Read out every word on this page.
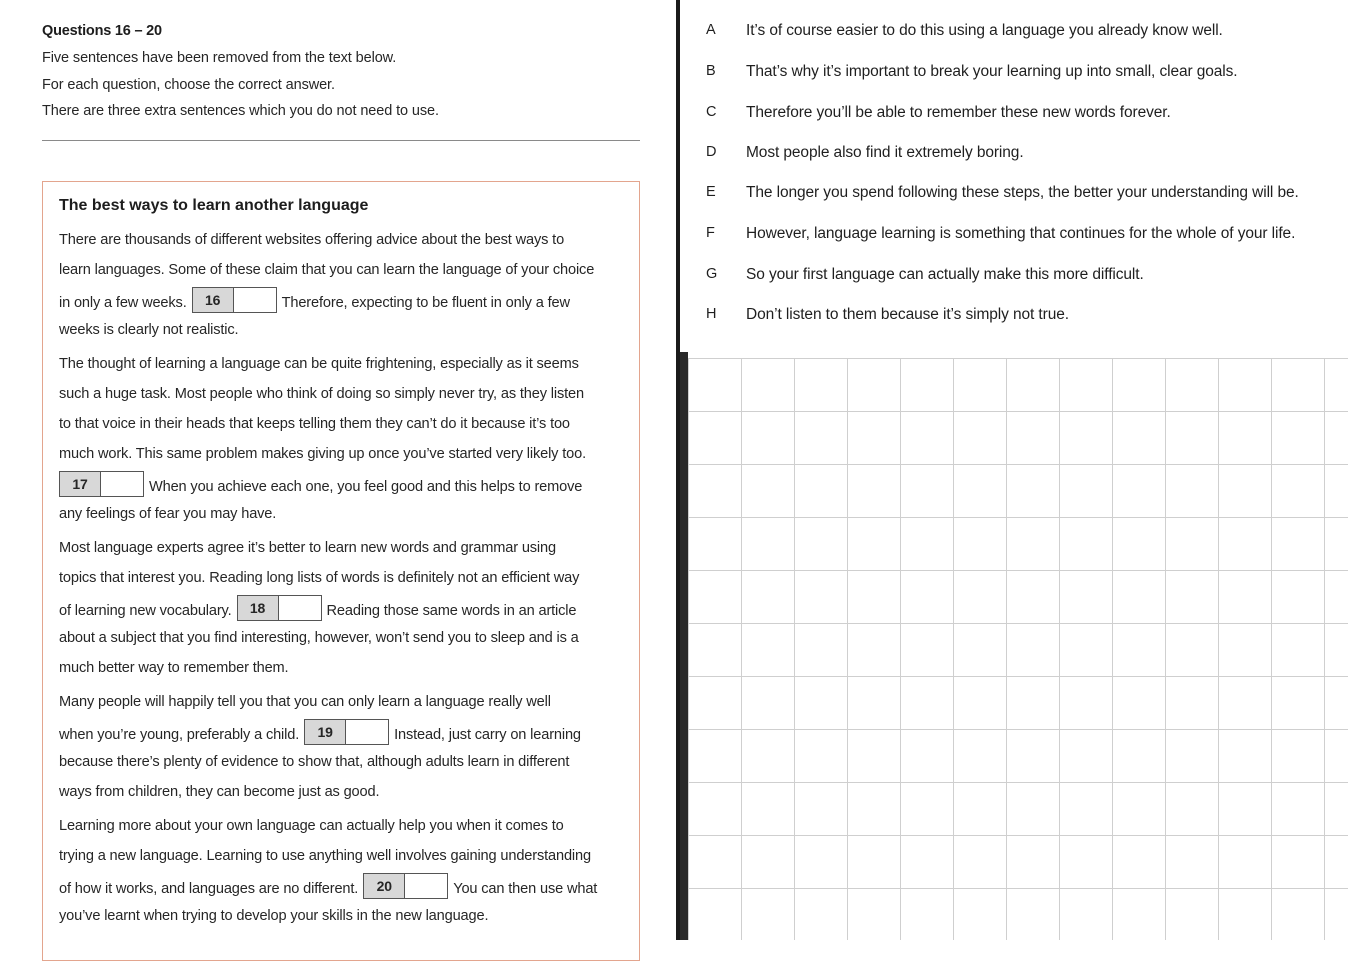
Questions 16 – 20
Five sentences have been removed from the text below.
For each question, choose the correct answer.
There are three extra sentences which you do not need to use.
The best ways to learn another language
There are thousands of different websites offering advice about the best ways to
learn languages. Some of these claim that you can learn the language of your choice
in only a few weeks. 16	Therefore, expecting to be fluent in only a few
weeks is clearly not realistic.
The thought of learning a language can be quite frightening, especially as it seems
such a huge task. Most people who think of doing so simply never try, as they listen
to that voice in their heads that keeps telling them they can’t do it because it’s too
much work. This same problem makes giving up once you’ve started very likely too.
17	When you achieve each one, you feel good and this helps to remove
any feelings of fear you may have.
Most language experts agree it’s better to learn new words and grammar using
topics that interest you. Reading long lists of words is definitely not an efficient way
of learning new vocabulary. 18	Reading those same words in an article
about a subject that you find interesting, however, won’t send you to sleep and is a
much better way to remember them.
Many people will happily tell you that you can only learn a language really well
when you’re young, preferably a child. 19	Instead, just carry on learning
because there’s plenty of evidence to show that, although adults learn in different
ways from children, they can become just as good.
Learning more about your own language can actually help you when it comes to
trying a new language. Learning to use anything well involves gaining understanding
of how it works, and languages are no different. 20	You can then use what
you’ve learnt when trying to develop your skills in the new language.
A	It’s of course easier to do this using a language you already know well.
B	That’s why it’s important to break your learning up into small, clear goals.
C	Therefore you’ll be able to remember these new words forever.
D	Most people also find it extremely boring.
E	The longer you spend following these steps, the better your understanding will be.
F	However, language learning is something that continues for the whole of your life.
G	So your first language can actually make this more difficult.
H	Don’t listen to them because it’s simply not true.
